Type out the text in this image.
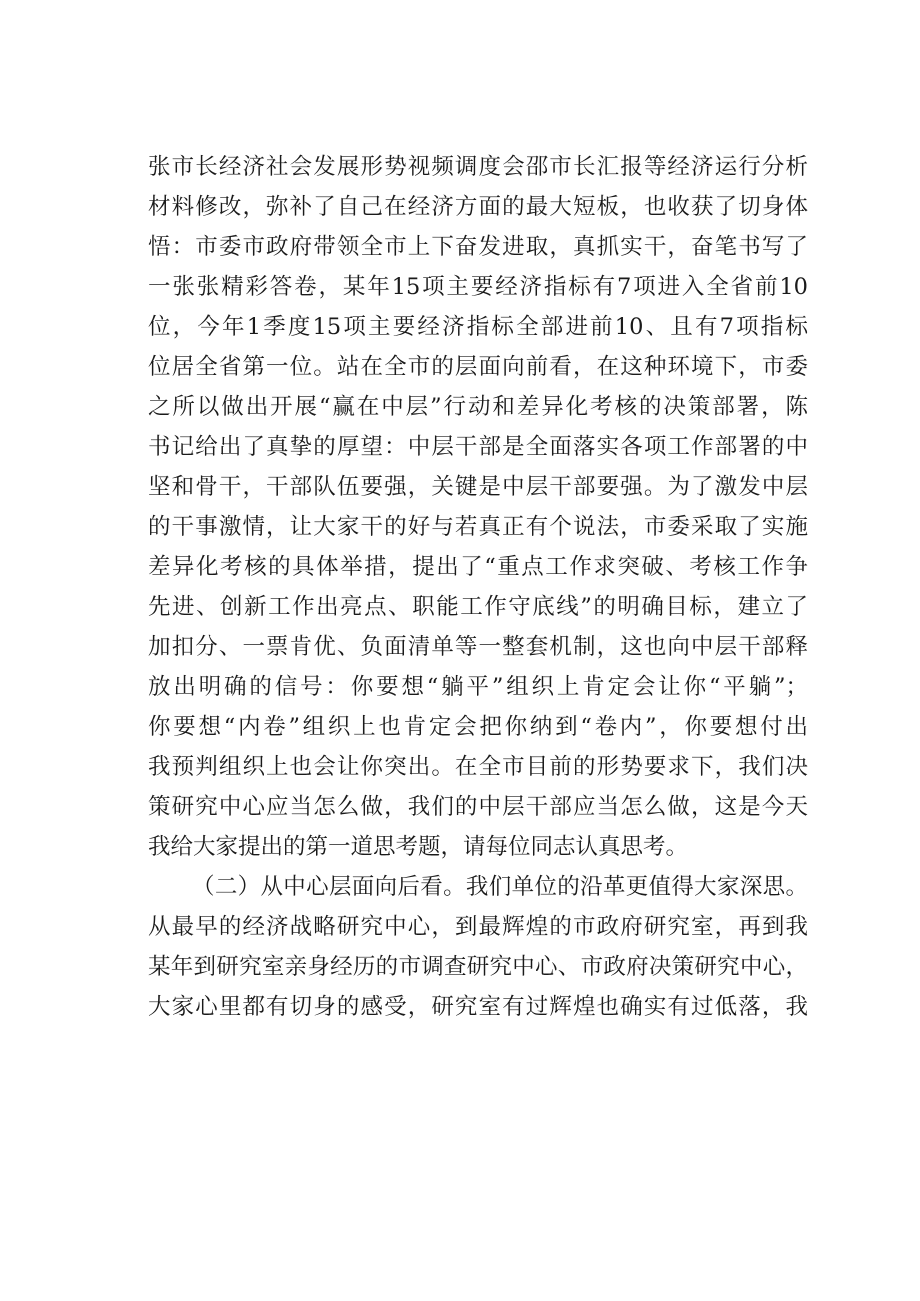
张市长经济社会发展形势视频调度会邵市长汇报等经济运行分析
材料修改，弥补了自己在经济方面的最大短板，也收获了切身体
悟：市委市政府带领全市上下奋发进取，真抓实干，奋笔书写了
一张张精彩答卷，某年15项主要经济指标有7项进入全省前10
位，今年1季度15项主要经济指标全部进前10、且有7项指标
位居全省第一位。站在全市的层面向前看，在这种环境下，市委
之所以做出开展“赢在中层”行动和差异化考核的决策部署，陈
书记给出了真挚的厚望：中层干部是全面落实各项工作部署的中
坚和骨干，干部队伍要强，关键是中层干部要强。为了激发中层
的干事激情，让大家干的好与若真正有个说法，市委采取了实施
差异化考核的具体举措，提出了“重点工作求突破、考核工作争
先进、创新工作出亮点、职能工作守底线”的明确目标，建立了
加扣分、一票肯优、负面清单等一整套机制，这也向中层干部释
放出明确的信号：你要想“躺平”组织上肯定会让你“平躺”；
你要想“内卷”组织上也肯定会把你纳到“卷内”，你要想付出
我预判组织上也会让你突出。在全市目前的形势要求下，我们决
策研究中心应当怎么做，我们的中层干部应当怎么做，这是今天
我给大家提出的第一道思考题，请每位同志认真思考。
（二）从中心层面向后看。我们单位的沿革更值得大家深思。
从最早的经济战略研究中心，到最辉煌的市政府研究室，再到我
某年到研究室亲身经历的市调查研究中心、市政府决策研究中心，
大家心里都有切身的感受，研究室有过辉煌也确实有过低落，我
